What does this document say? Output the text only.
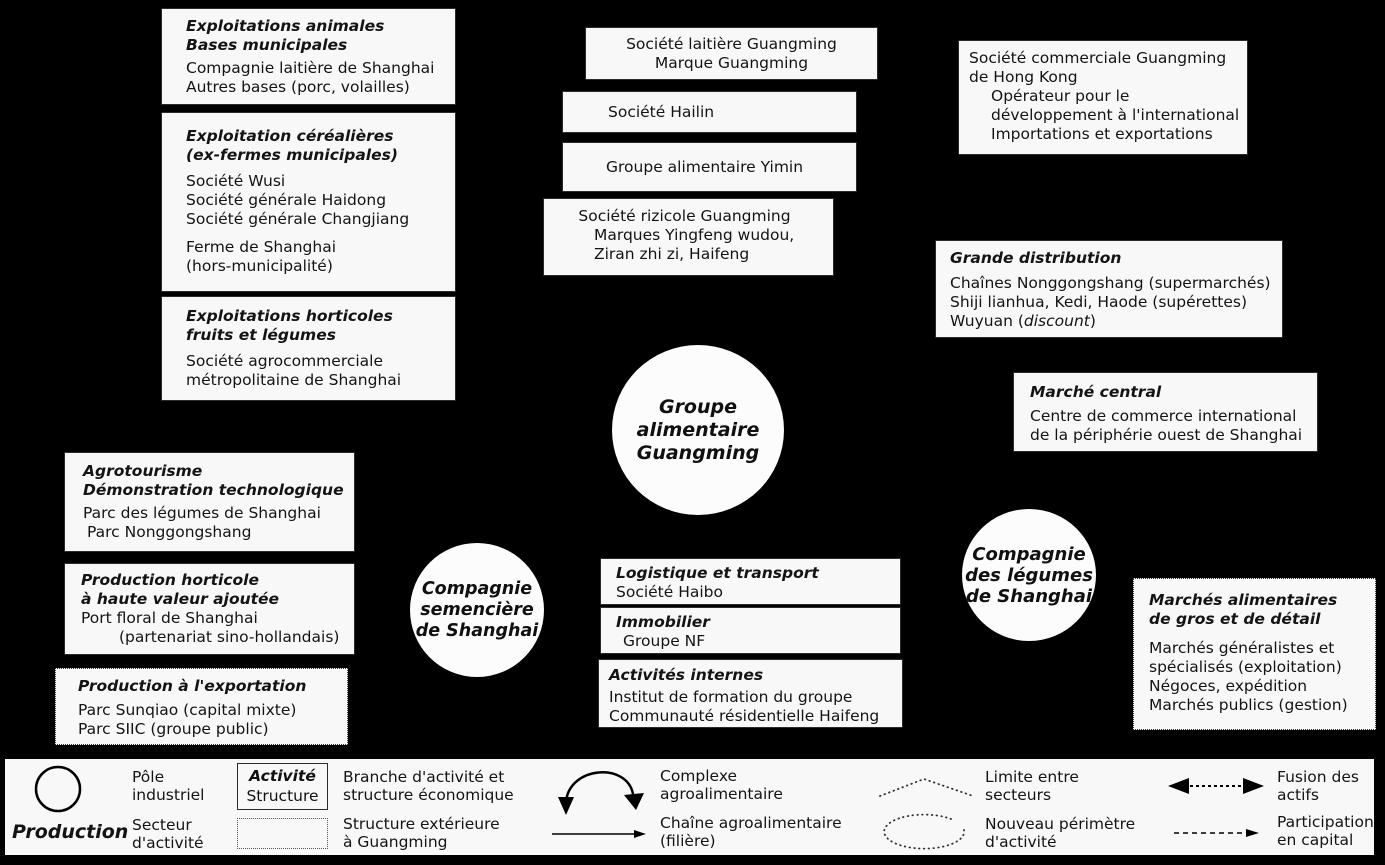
Exploitations animales
Bases municipales
Compagnie laitière de Shanghai
Autres bases (porc, volailles)
Exploitation céréalières
(ex-fermes municipales)
Société Wusi
Société générale Haidong
Société générale Changjiang
Ferme de Shanghai
(hors-municipalité)
Exploitations horticoles
fruits et légumes
Société agrocommerciale
métropolitaine de Shanghai
Société laitière Guangming
Marque Guangming
Société Hailin
Groupe alimentaire Yimin
Société rizicole Guangming
Marques Yingfeng wudou,
Ziran zhi zi, Haifeng
Société commerciale Guangming
de Hong Kong
Opérateur pour le
développement à l'international
Importations et exportations
Grande distribution
Chaînes Nonggongshang (supermarchés)
Shiji lianhua, Kedi, Haode (supérettes)
Wuyuan (discount)
Marché central
Centre de commerce international
de la périphérie ouest de Shanghai
Groupe
alimentaire
Guangming
Agrotourisme
Démonstration technologique
Parc des légumes de Shanghai
Parc Nonggongshang
Production horticole
à haute valeur ajoutée
Port floral de Shanghai
(partenariat sino-hollandais)
Production à l'exportation
Parc Sunqiao (capital mixte)
Parc SIIC (groupe public)
Compagnie
semencière
de Shanghai
Logistique et transport
Société Haibo
Immobilier
Groupe NF
Activités internes
Institut de formation du groupe
Communauté résidentielle Haifeng
Compagnie
des légumes
de Shanghai	Marchés alimentaires
de gros et de détail
Marchés généralistes et
spécialisés (exploitation)
Négoces, expédition
Marchés publics (gestion)
Production
Pôle
industriel
Secteur
d'activité
Activité
Structure
Branche d'activité et
structure économique
Structure extérieure
à Guangming
Complexe
agroalimentaire
Chaîne agroalimentaire
(filière)
Limite entre
secteurs
Nouveau périmètre
d'activité
Fusion des
actifs
Participation
en capital
